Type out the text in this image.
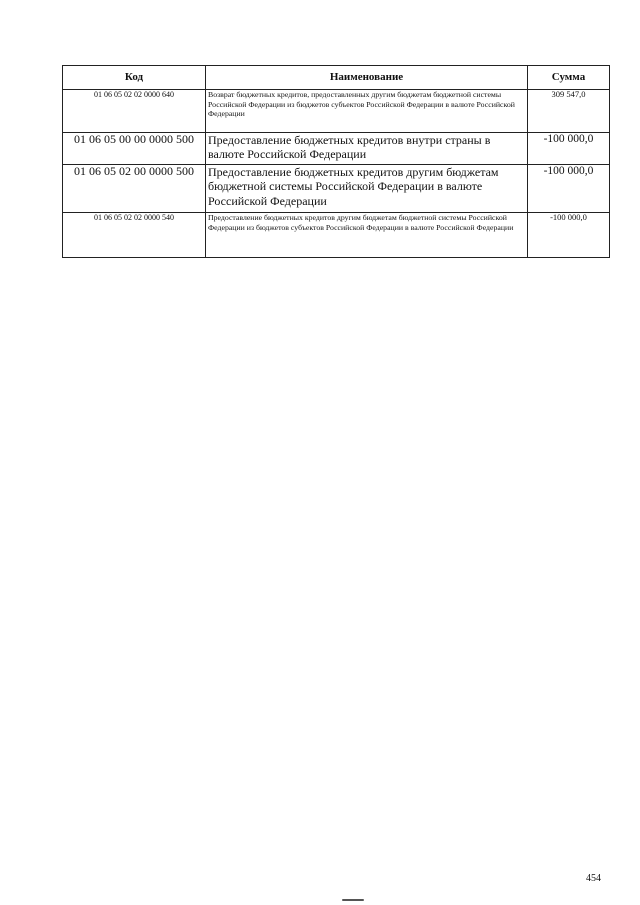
Код	Наименование	Сумма
01 06 05 02 02 0000 640	Возврат бюджетных кредитов, предоставленных другим бюджетам бюджетной системы Российской Федерации из бюджетов субъектов Российской Федерации в валюте Российской Федерации	309 547,0
01 06 05 00 00 0000 500	Предоставление бюджетных кредитов внутри страны в валюте Российской Федерации	-100 000,0
01 06 05 02 00 0000 500	Предоставление бюджетных кредитов другим бюджетам бюджетной системы Российской Федерации в валюте Российской Федерации	-100 000,0
01 06 05 02 02 0000 540	Предоставление бюджетных кредитов другим бюджетам бюджетной системы Российской Федерации из бюджетов субъектов Российской Федерации в валюте Российской Федерации	-100 000,0
454
